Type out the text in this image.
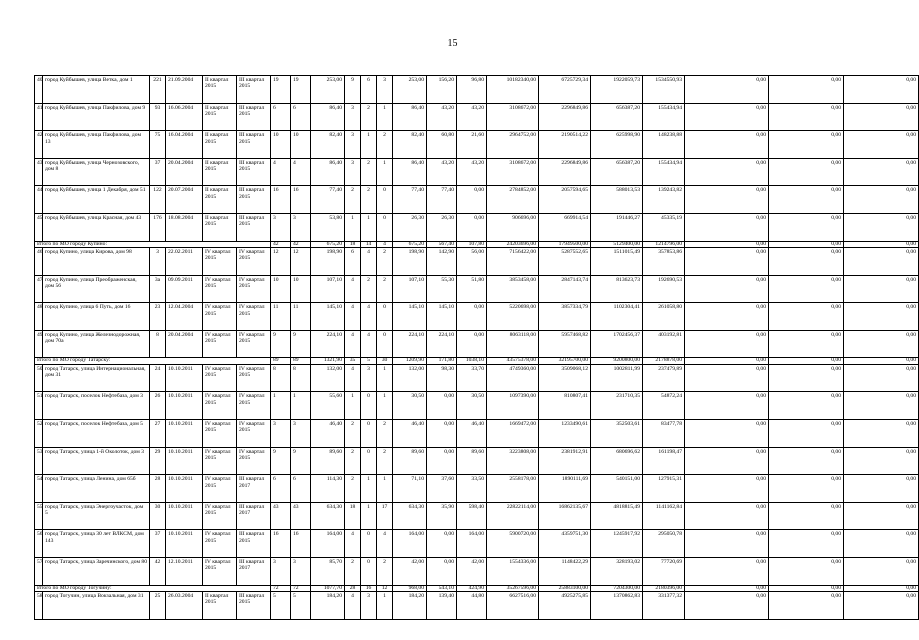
15
40	город Куйбышев, улица Ветка, дом 1	221	21.09.2004	II квартал 2015	III квартал 2015	19	19	253,00	9	6	3	253,00	156,20	96,80	10182340,00	6725729,34	1922059,73	1534550,93	0,00	0,00	0,00
41	город Куйбышев, улица Пакфилова, дом 9	93	16.06.2004	II квартал 2015	III квартал 2015	6	6	86,40	3	2	1	86,40	43,20	43,20	3108672,00	2296849,86	656387,20	155434,94	0,00	0,00	0,00
42	город Куйбышев, улица Пакфилова, дом 13	75	16.04.2004	II квартал 2015	III квартал 2015	10	10	82,40	3	1	2	82,40	60,80	21,60	2964752,00	2190514,22	625998,90	148238,88	0,00	0,00	0,00
43	город Куйбышев, улица Чернозовского, дом 8	37	20.04.2004	II квартал 2015	III квартал 2015	4	4	86,40	3	2	1	86,40	43,20	43,20	3108672,00	2296849,86	656387,20	155434,94	0,00	0,00	0,00
44	город Куйбышев, улица 1 Декабря, дом 51	122	20.07.2004	II квартал 2015	III квартал 2015	16	16	77,40	2	2	0	77,40	77,40	0,00	2784852,00	2057594,65	588013,53	139243,82	0,00	0,00	0,00
45	город Куйбышев, улица Красная, дом 43	176	18.08.2004	II квартал 2015	III квартал 2015	3	3	53,80	1	1	0	26,30	26,30	0,00	906696,00	669914,54	191446,27	45335,19	0,00	0,00	0,00
Итого по МО городу Купино:						42	42	675,20	18	14	4	675,20	567,40	107,80	24203696,00	17949500,00	5129400,00	1214796,00	0,00	0,00	0,00
46	город Купино, улица Кирова, дом 98	3	22.02.2011	IV квартал 2015	IV квартал 2015	12	12	198,90	6	4	2	198,90	142,90	56,00	7156422,00	5287552,65	1511015,49	357853,86	0,00	0,00	0,00
47	город Купино, улица Преображенская, дом 56	3а	09.09.2011	IV квартал 2015	IV квартал 2015	10	10	107,10	4	2	2	107,10	55,30	51,80	3853458,00	2847143,74	813623,73	192690,53	0,00	0,00	0,00
48	город Купино, улица 6 Путь, дом 16	23	12.04.2004	IV квартал 2015	IV квартал 2015	11	11	145,10	4	4	0	145,10	145,10	0,00	5220698,00	3857334,79	1102304,41	261058,80	0,00	0,00	0,00
49	город Купино, улица Железнодорожная, дом 70а	8	20.04.2004	IV квартал 2015	IV квартал 2015	9	9	224,10	4	4	0	224,10	224,10	0,00	8063118,00	5957468,82	1702456,37	403192,81	0,00	0,00	0,00
Итого по МО городу Татарску:						89	89	1321,90	35	5	30	1209,90	171,80	1038,10	43575378,00	32195700,00	9200800,00	2178878,00	0,00	0,00	0,00
50	город Татарск, улица Интернациональная, дом 31	24	10.10.2011	IV квартал 2015	IV квартал 2015	8	8	132,00	4	3	1	132,00	98,30	33,70	4749360,00	3509068,12	1002811,99	237479,89	0,00	0,00	0,00
51	город Татарск, поселок Нефтебаза, дом 3	26	10.10.2011	IV квартал 2015	IV квартал 2015	1	1	55,60	1	0	1	30,50	0,00	30,50	1097390,00	810807,41	231710,35	54872,24	0,00	0,00	0,00
52	город Татарск, поселок Нефтебаза, дом 5	27	10.10.2011	IV квартал 2015	IV квартал 2015	3	3	46,40	2	0	2	46,40	0,00	46,40	1669472,00	1233490,61	352503,61	83477,78	0,00	0,00	0,00
53	город Татарск, улица 1-й Околоток, дом 3	29	10.10.2011	IV квартал 2015	IV квартал 2015	9	9	89,60	2	0	2	89,60	0,00	89,60	3223808,00	2381912,91	680696,62	161198,47	0,00	0,00	0,00
54	город Татарск, улица Ленина, дом 65б	28	10.10.2011	IV квартал 2015	III квартал 2017	6	6	114,30	2	1	1	71,10	37,60	33,50	2558178,00	1890111,69	540151,00	127915,31	0,00	0,00	0,00
55	город Татарск, улица Энергоучасток, дом 5	30	10.10.2011	IV квартал 2015	III квартал 2017	43	43	634,30	18	1	17	634,30	35,90	598,40	22822114,00	16862135,67	4818815,49	1141162,84	0,00	0,00	0,00
56	город Татарск, улица 30 лет ВЛКСМ, дом 143	37	10.10.2011	IV квартал 2015	III квартал 2015	16	16	164,00	4	0	4	164,00	0,00	164,00	5900720,00	4359751,30	1245917,92	295050,78	0,00	0,00	0,00
57	город Татарск, улица Заречинского, дом 80	42	12.10.2011	IV квартал 2015	III квартал 2017	3	3	85,70	2	0	2	42,00	0,00	42,00	1554336,00	1148422,29	328193,02	77720,69	0,00	0,00	0,00
Итого по МО городу Тогучину:						72	72	1077,70	28	16	12	968,00	543,10	424,90	35267596,00	25883100,00	7204300,00	2180396,00	0,00	0,00	0,00
58	город Тогучин, улица Вокзальная, дом 31	25	26.03.2004	II квартал 2015	III квартал 2015	5	5	184,20	4	3	1	184,20	139,40	44,80	6627516,00	4925275,85	1370862,83	331377,32	0,00	0,00	0,00
